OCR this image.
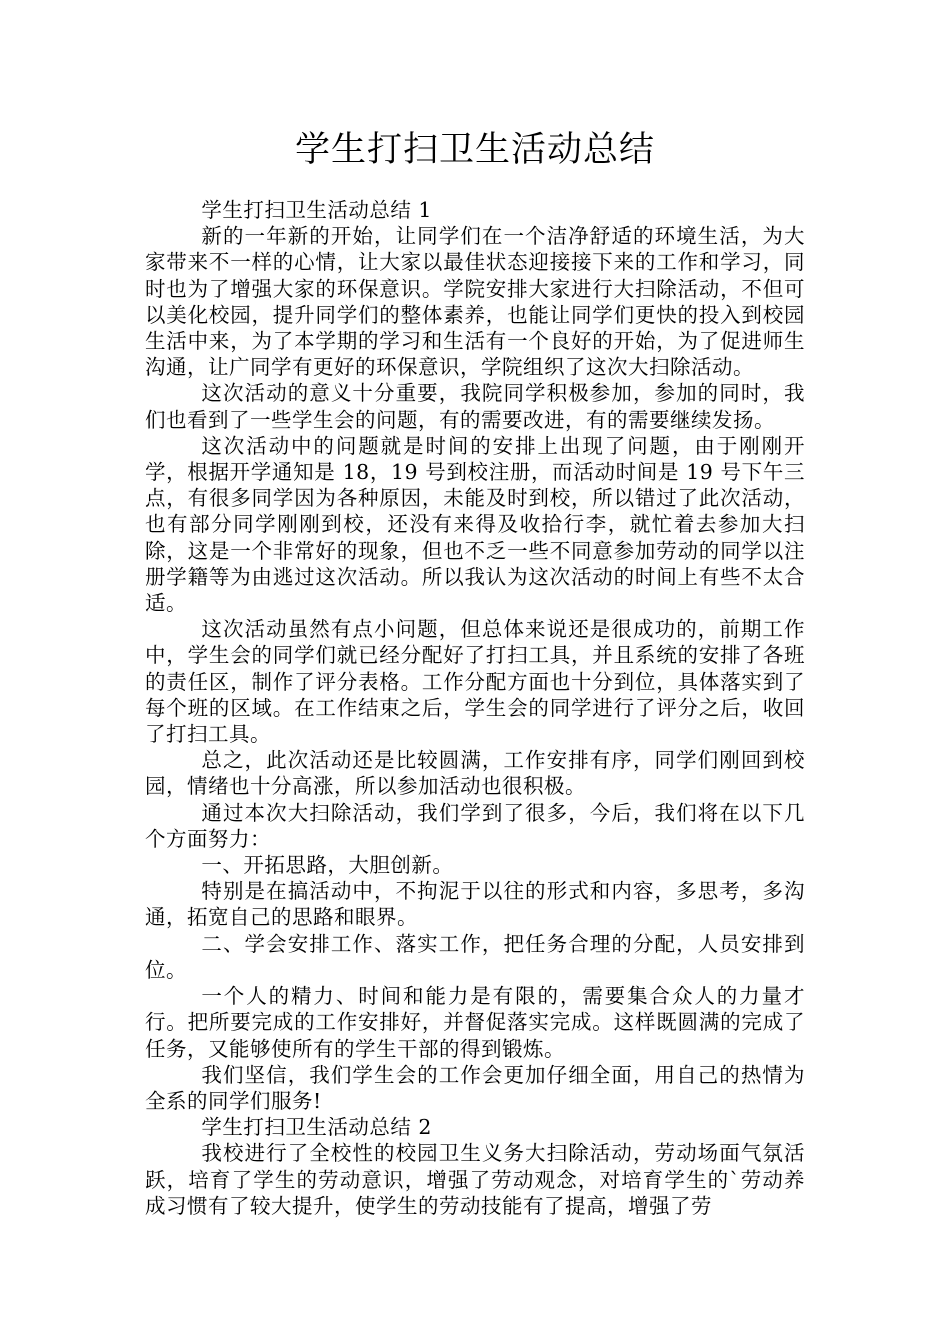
学生打扫卫生活动总结

学生打扫卫生活动总结 1

新的一年新的开始，让同学们在一个洁净舒适的环境生活，为大家带来不一样的心情，让大家以最佳状态迎接接下来的工作和学习，同时也为了增强大家的环保意识。学院安排大家进行大扫除活动，不但可以美化校园，提升同学们的整体素养，也能让同学们更快的投入到校园生活中来，为了本学期的学习和生活有一个良好的开始，为了促进师生沟通，让广同学有更好的环保意识，学院组织了这次大扫除活动。

这次活动的意义十分重要，我院同学积极参加，参加的同时，我们也看到了一些学生会的问题，有的需要改进，有的需要继续发扬。

这次活动中的问题就是时间的安排上出现了问题，由于刚刚开学，根据开学通知是 18，19 号到校注册，而活动时间是 19 号下午三点，有很多同学因为各种原因，未能及时到校，所以错过了此次活动，也有部分同学刚刚到校，还没有来得及收拾行李，就忙着去参加大扫除，这是一个非常好的现象，但也不乏一些不同意参加劳动的同学以注册学籍等为由逃过这次活动。所以我认为这次活动的时间上有些不太合适。

这次活动虽然有点小问题，但总体来说还是很成功的，前期工作中，学生会的同学们就已经分配好了打扫工具，并且系统的安排了各班的责任区，制作了评分表格。工作分配方面也十分到位，具体落实到了每个班的区域。在工作结束之后，学生会的同学进行了评分之后，收回了打扫工具。

总之，此次活动还是比较圆满，工作安排有序，同学们刚回到校园，情绪也十分高涨，所以参加活动也很积极。

通过本次大扫除活动，我们学到了很多，今后，我们将在以下几个方面努力：

一、开拓思路，大胆创新。

特别是在搞活动中，不拘泥于以往的形式和内容，多思考，多沟通，拓宽自己的思路和眼界。

二、学会安排工作、落实工作，把任务合理的分配，人员安排到位。

一个人的精力、时间和能力是有限的，需要集合众人的力量才行。把所要完成的工作安排好，并督促落实完成。这样既圆满的完成了任务，又能够使所有的学生干部的得到锻炼。

我们坚信，我们学生会的工作会更加仔细全面，用自己的热情为全系的同学们服务!

学生打扫卫生活动总结 2

我校进行了全校性的校园卫生义务大扫除活动，劳动场面气氛活跃，培育了学生的劳动意识，增强了劳动观念，对培育学生的`劳动养成习惯有了较大提升，使学生的劳动技能有了提高，增强了劳
